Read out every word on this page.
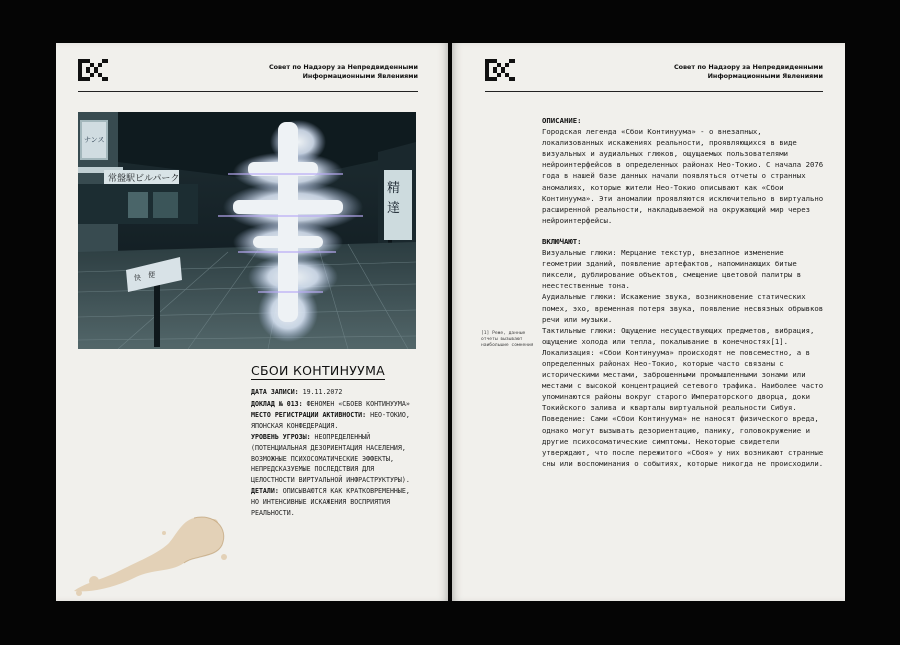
Совет по Надзору за Непредвиденными
Информационными Явлениями
ナンス
常盤駅ビルパーク
精
達
快 便
СБОИ КОНТИНУУМА

ДАТА ЗАПИСИ: 19.11.2072

ДОКЛАД № 013: ФЕНОМЕН «СБОЕВ КОНТИНУУМА»

МЕСТО РЕГИСТРАЦИИ АКТИВНОСТИ: НЕО-ТОКИО, ЯПОНСКАЯ КОНФЕДЕРАЦИЯ.

УРОВЕНЬ УГРОЗЫ: НЕОПРЕДЕЛЕННЫЙ (ПОТЕНЦИАЛЬНАЯ ДЕЗОРИЕНТАЦИЯ НАСЕЛЕНИЯ, ВОЗМОЖНЫЕ ПСИХОСОМАТИЧЕСКИЕ ЭФФЕКТЫ, НЕПРЕДСКАЗУЕМЫЕ ПОСЛЕДСТВИЯ ДЛЯ ЦЕЛОСТНОСТИ ВИРТУАЛЬНОЙ ИНФРАСТРУКТУРЫ).

ДЕТАЛИ: ОПИСЫВАЮТСЯ КАК КРАТКОВРЕМЕННЫЕ, НО ИНТЕНСИВНЫЕ ИСКАЖЕНИЯ ВОСПРИЯТИЯ РЕАЛЬНОСТИ.

Совет по Надзору за Непредвиденными
Информационными Явлениями

ОПИСАНИЕ:

Городская легенда «Сбои Континуума» - о внезапных, локализованных искажениях реальности, проявляющихся в виде визуальных и аудиальных глюков, ощущаемых пользователями нейроинтерфейсов в определенных районах Нео-Токио. С начала 2076 года в нашей базе данных начали появляться отчеты о странных аномалиях, которые жители Нео-Токио описывают как «Сбои Континуума». Эти аномалии проявляются исключительно в виртуально расширенной реальности, накладываемой на окружающий мир через нейроинтерфейсы.

ВКЛЮЧАЮТ:

Визуальные глюки: Мерцание текстур, внезапное изменение геометрии зданий, появление артефактов, напоминающих битые пиксели, дублирование объектов, смещение цветовой палитры в неестественные тона.

Аудиальные глюки: Искажение звука, возникновение статических помех, эхо, временная потеря звука, появление несвязных обрывков речи или музыки.

Тактильные глюки: Ощущение несуществующих предметов, вибрация, ощущение холода или тепла, покалывание в конечностях[1].

Локализация: «Сбои Континуума» происходят не повсеместно, а в определенных районах Нео-Токио, которые часто связаны с историческими местами, заброшенными промышленными зонами или местами с высокой концентрацией сетевого трафика. Наиболее часто упоминаются районы вокруг старого Императорского дворца, доки Токийского залива и кварталы виртуальной реальности Сибуя.

Поведение: Сами «Сбои Континуума» не наносят физического вреда, однако могут вызывать дезориентацию, панику, головокружение и другие психосоматические симптомы. Некоторые свидетели утверждают, что после пережитого «Сбоя» у них возникают странные сны или воспоминания о событиях, которые никогда не происходили.

[1] Реже, данные отчеты вызывают наибольшие сомнения
